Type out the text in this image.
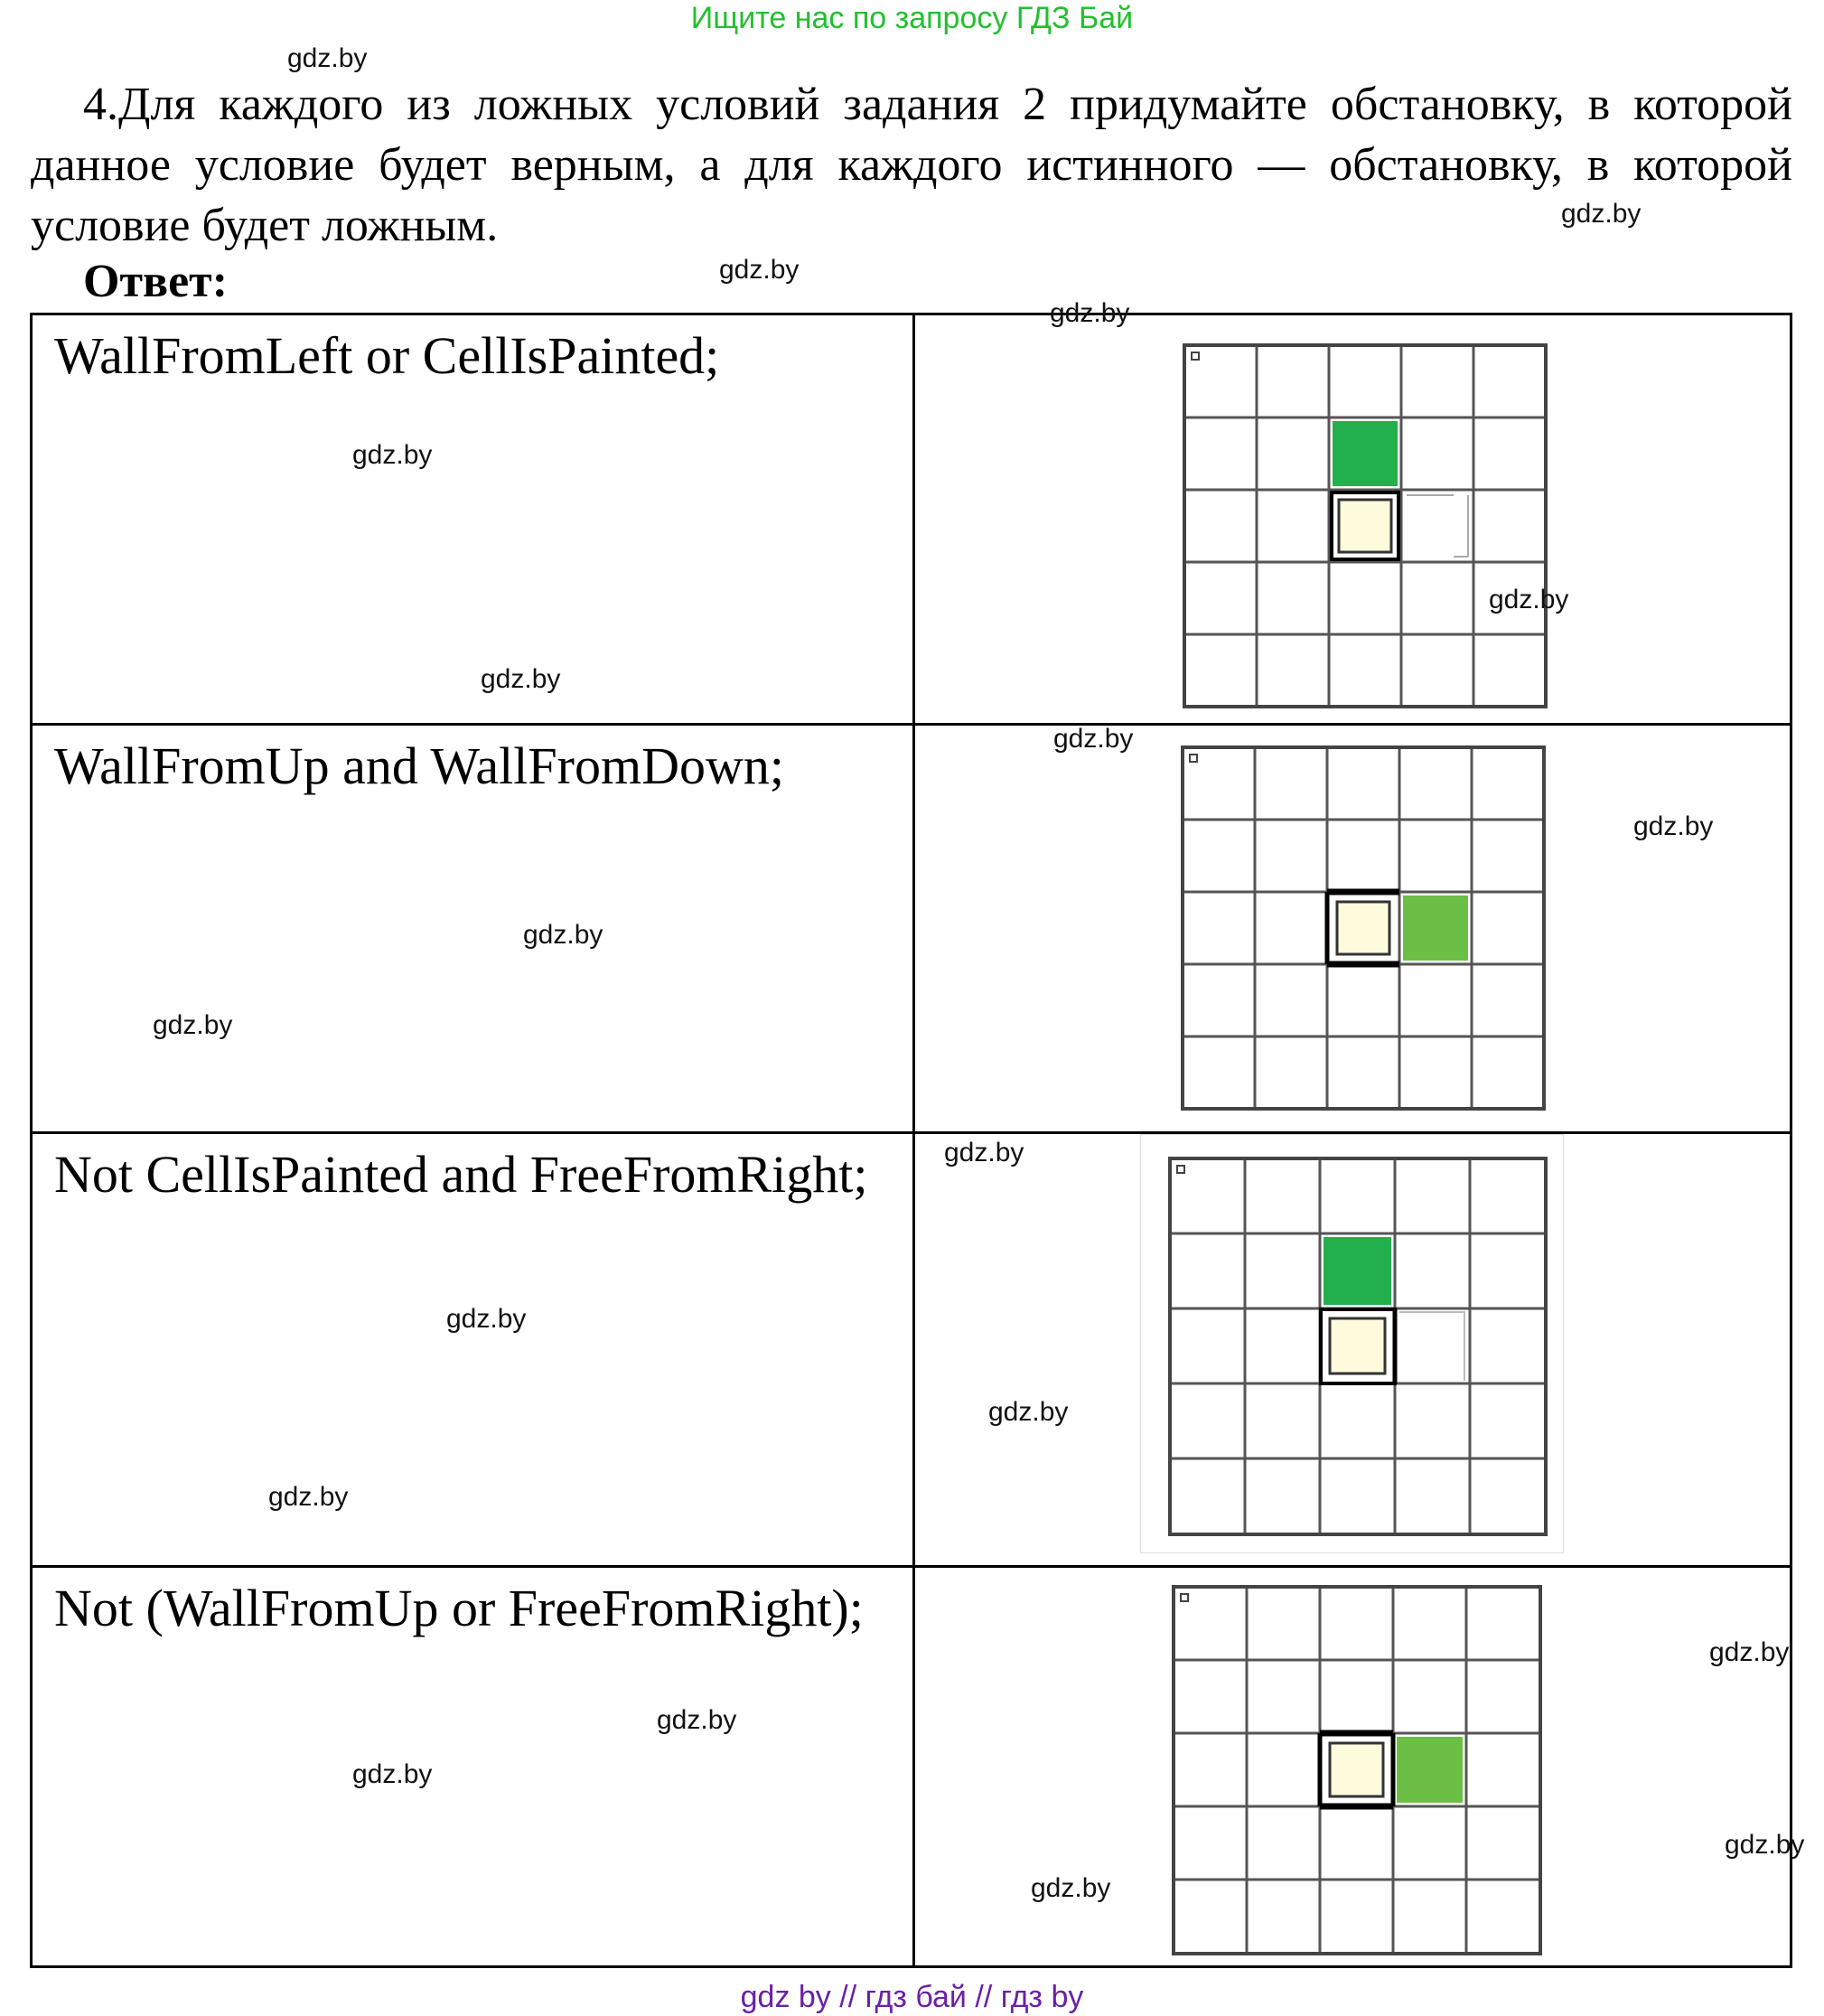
Ищите нас по запросу ГДЗ Бай

4.Для каждого из ложных условий задания 2 придумайте обстановку, в которой данное условие будет верным, а для каждого истинного — обстановку, в которой условие будет ложным.

Ответ:
WallFromLeft or CellIsPainted;

WallFromUp and WallFromDown;

Not CellIsPainted and FreeFromRight;

Not (WallFromUp or FreeFromRight);

gdz.by
gdz.by
gdz.by
gdz.by
gdz.by
gdz.by
gdz.by
gdz.by
gdz.by
gdz.by
gdz.by
gdz.by
gdz.by
gdz.by
gdz.by
gdz.by
gdz.by
gdz.by
gdz.by
gdz.by
gdz by // гдз бай // гдз by
